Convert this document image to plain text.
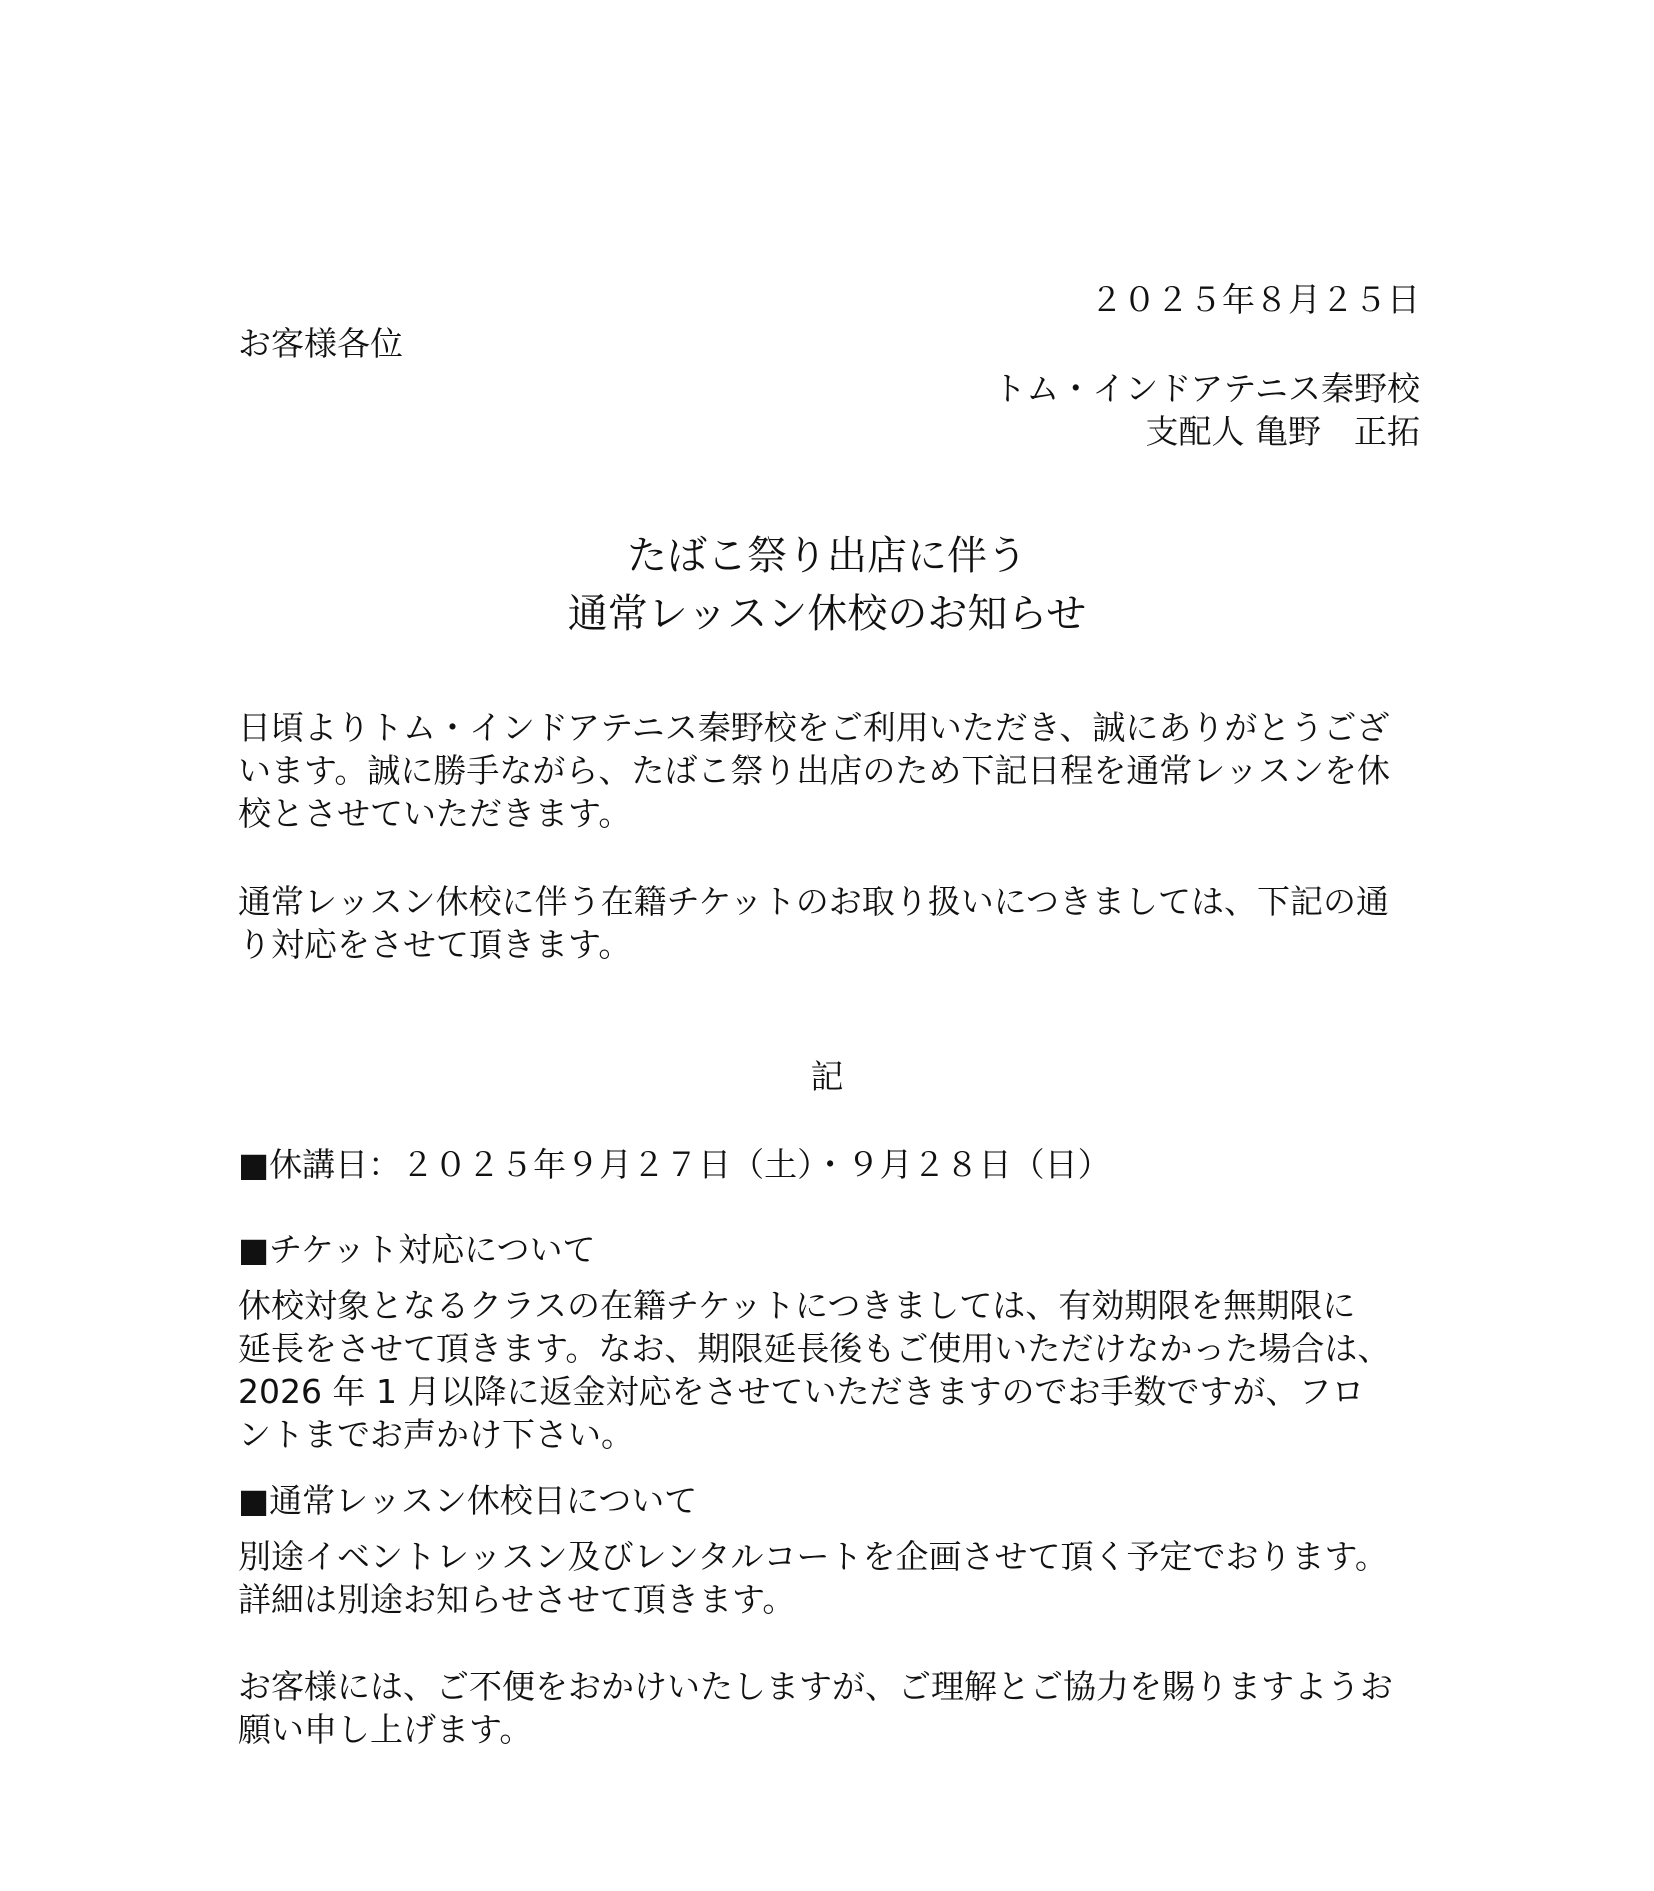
２０２５年８月２５日
お客様各位
トム・インドアテニス秦野校
支配人 亀野　正拓
たばこ祭り出店に伴う
通常レッスン休校のお知らせ

日頃よりトム・インドアテニス秦野校をご利用いただき、誠にありがとうござ

います。誠に勝手ながら、たばこ祭り出店のため下記日程を通常レッスンを休

校とさせていただきます。

通常レッスン休校に伴う在籍チケットのお取り扱いにつきましては、下記の通

り対応をさせて頂きます。

記
■休講日：２０２５年９月２７日（土）・９月２８日（日）
■チケット対応について

休校対象となるクラスの在籍チケットにつきましては、有効期限を無期限に

延長をさせて頂きます。なお、期限延長後もご使用いただけなかった場合は、

2026 年 1 月以降に返金対応をさせていただきますのでお手数ですが、フロ

ントまでお声かけ下さい。

■通常レッスン休校日について

別途イベントレッスン及びレンタルコートを企画させて頂く予定でおります。

詳細は別途お知らせさせて頂きます。

お客様には、ご不便をおかけいたしますが、ご理解とご協力を賜りますようお

願い申し上げます。
